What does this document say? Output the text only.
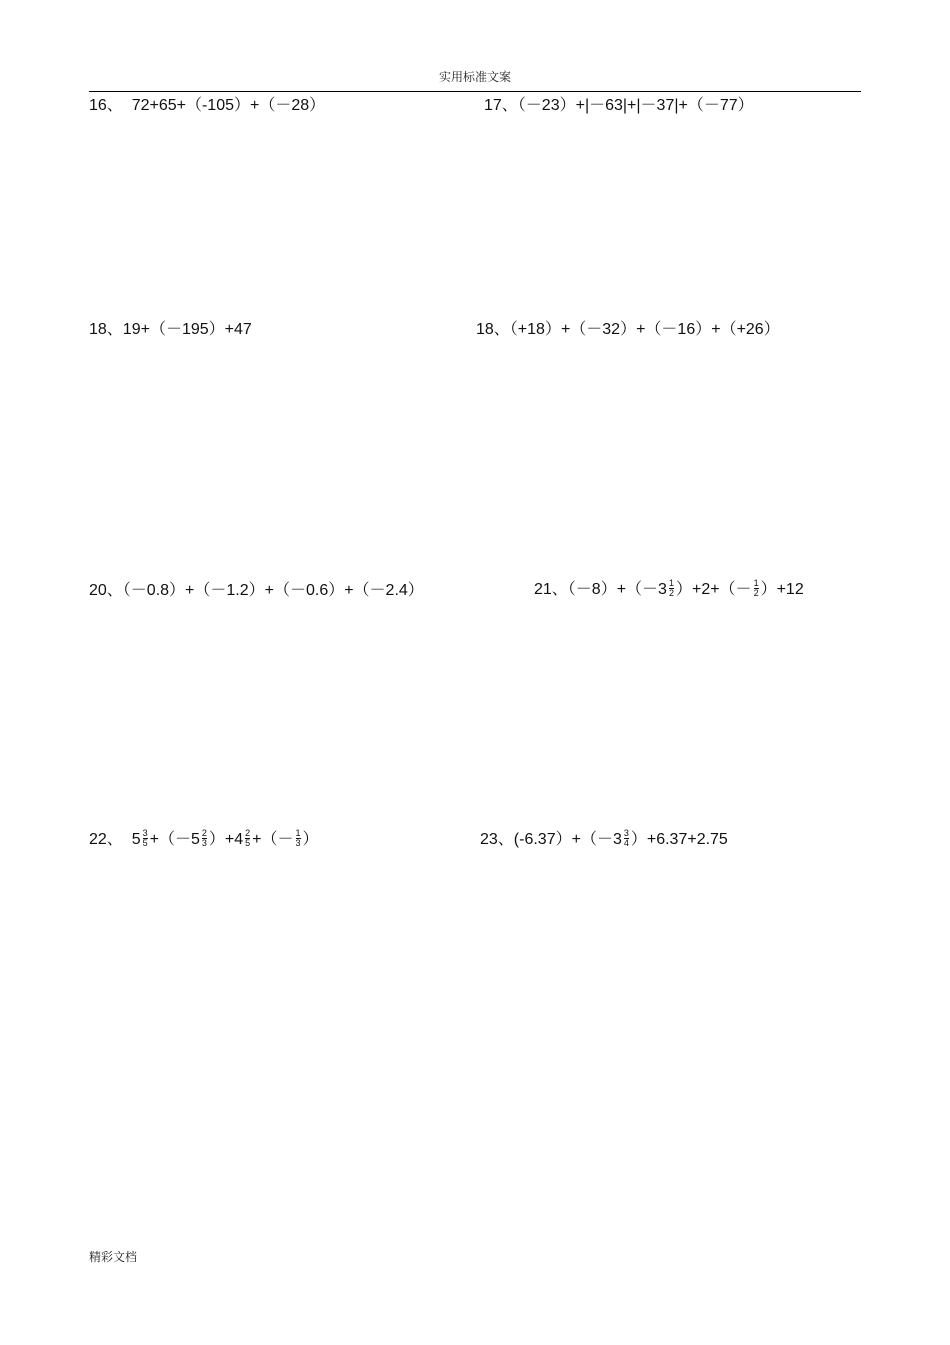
实用标准文案
16、  72+65+（-105）+（－28）	17、（－23）+|－63|+|－37|+（－77）
18、19+（－195）+47	18、（+18）+（－32）+（－16）+（+26）
20、（－0.8）+（－1.2）+（－0.6）+（－2.4）	21、$(-8)+(-3 \frac{1}{2} )+2+(- \frac{1}{2} )+12$
22、  $5 \frac{3}{5} +(-5 \frac{2}{3} )+4 \frac{2}{5}$ +（－ $\frac{1}{3}$ ）	23、$(-6.37)+(-3 \frac{3}{4} )+6.37+2.75$
精彩文档
